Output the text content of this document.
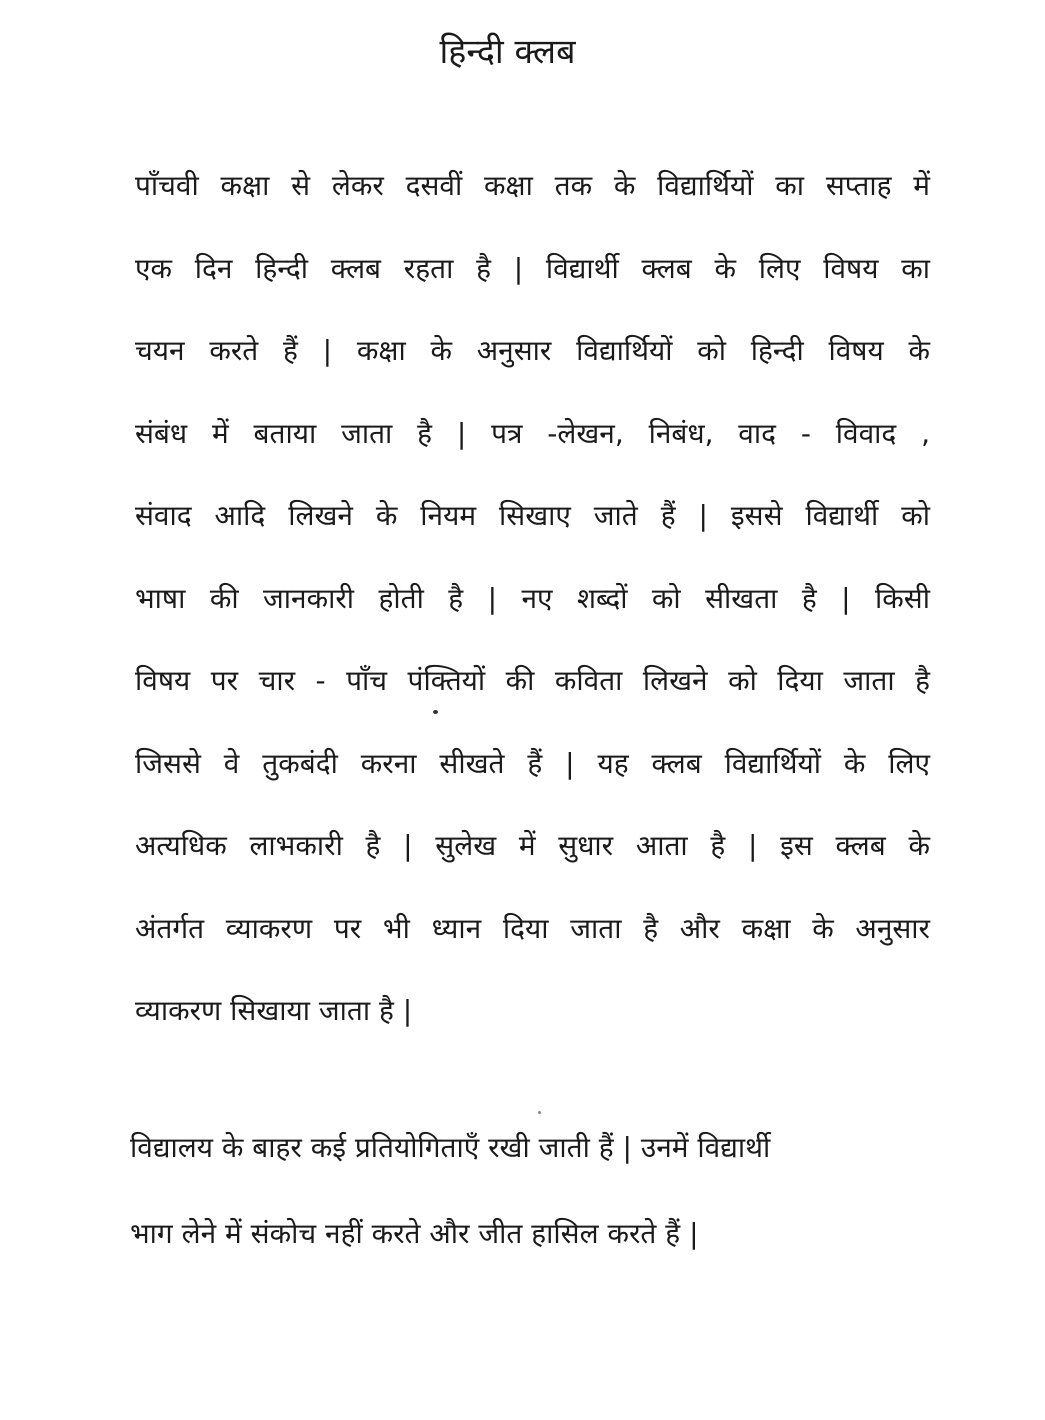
हिन्दी क्लब
पाँचवी कक्षा से लेकर दसवीं कक्षा तक के विद्यार्थियों का सप्ताह में
एक दिन हिन्दी क्लब रहता है | विद्यार्थी क्लब के लिए विषय का
चयन करते हैं | कक्षा के अनुसार विद्यार्थियों को हिन्दी विषय के
संबंध में बताया जाता है | पत्र -लेखन, निबंध, वाद - विवाद ,
संवाद आदि लिखने के नियम सिखाए जाते हैं | इससे विद्यार्थी को
भाषा की जानकारी होती है | नए शब्दों को सीखता है | किसी
विषय पर चार - पाँच पंक्तियों की कविता लिखने को दिया जाता है
जिससे वे तुकबंदी करना सीखते हैं | यह क्लब विद्यार्थियों के लिए
अत्यधिक लाभकारी है | सुलेख में सुधार आता है | इस क्लब के
अंतर्गत व्याकरण पर भी ध्यान दिया जाता है और कक्षा के अनुसार
व्याकरण सिखाया जाता है |
विद्यालय के बाहर कई प्रतियोगिताएँ रखी जाती हैं | उनमें विद्यार्थी
भाग लेने में संकोच नहीं करते और जीत हासिल करते हैं |
